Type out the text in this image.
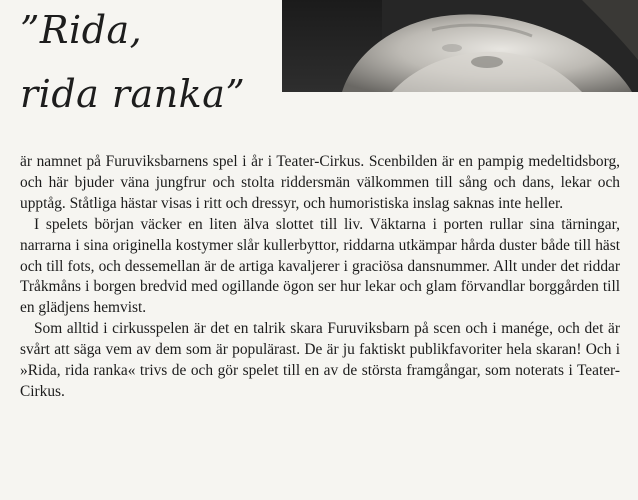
”Rida,
rida ranka”

är namnet på Furuviksbarnens spel i år i Teater-Cirkus. Scenbilden är en pampig medeltidsborg, och här bjuder väna jungfrur och stolta riddersmän välkommen till sång och dans, lekar och upptåg. Ståtliga hästar visas i ritt och dressyr, och humoristiska inslag saknas inte heller.

I spelets början väcker en liten älva slottet till liv. Väktarna i porten rullar sina tärningar, narrarna i sina originella kostymer slår kullerbyttor, riddarna utkämpar hårda duster både till häst och till fots, och dessemellan är de artiga kavaljerer i graciösa dansnummer. Allt under det riddar Tråkmåns i borgen bredvid med ogillande ögon ser hur lekar och glam förvandlar borggården till en glädjens hemvist.

Som alltid i cirkusspelen är det en talrik skara Furuviksbarn på scen och i manége, och det är svårt att säga vem av dem som är populärast. De är ju faktiskt publikfavoriter hela skaran! Och i »Rida, rida ranka« trivs de och gör spelet till en av de största framgångar, som noterats i Teater-Cirkus.
